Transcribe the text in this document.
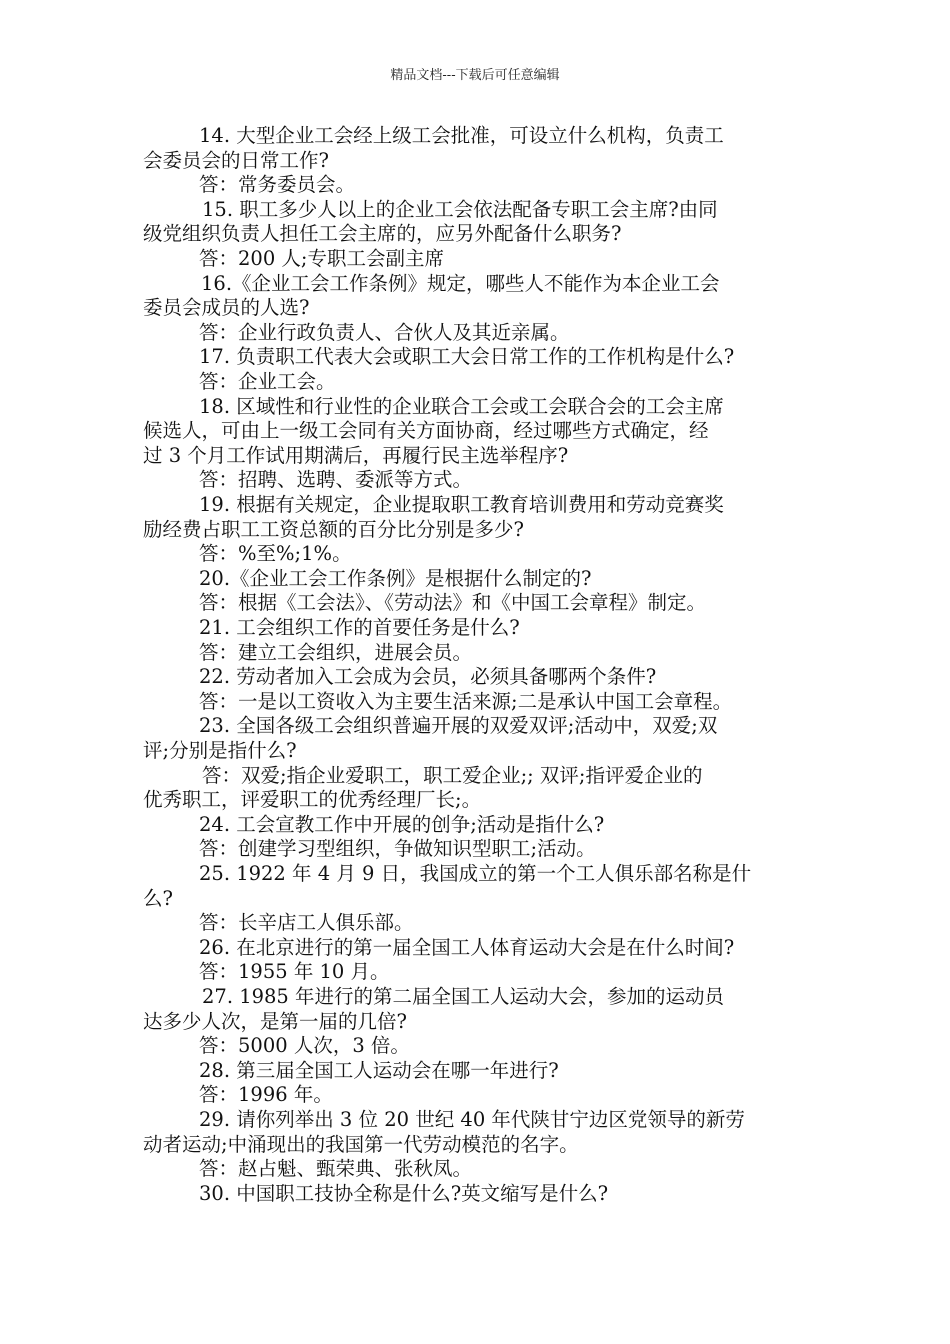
精品文档---下载后可任意编辑
14. 大型企业工会经上级工会批准，可设立什么机构，负责工
会委员会的日常工作?
答：常务委员会。
15. 职工多少人以上的企业工会依法配备专职工会主席?由同
级党组织负责人担任工会主席的，应另外配备什么职务?
答：200 人;专职工会副主席
16.《企业工会工作条例》规定，哪些人不能作为本企业工会
委员会成员的人选?
答：企业行政负责人、合伙人及其近亲属。
17. 负责职工代表大会或职工大会日常工作的工作机构是什么?
答：企业工会。
18. 区域性和行业性的企业联合工会或工会联合会的工会主席
候选人，可由上一级工会同有关方面协商，经过哪些方式确定，经
过 3 个月工作试用期满后，再履行民主选举程序?
答：招聘、选聘、委派等方式。
19. 根据有关规定，企业提取职工教育培训费用和劳动竞赛奖
励经费占职工工资总额的百分比分别是多少?
答：%至%;1%。
20.《企业工会工作条例》是根据什么制定的?
答：根据《工会法》、《劳动法》和《中国工会章程》制定。
21. 工会组织工作的首要任务是什么?
答：建立工会组织，进展会员。
22. 劳动者加入工会成为会员，必须具备哪两个条件?
答：一是以工资收入为主要生活来源;二是承认中国工会章程。
23. 全国各级工会组织普遍开展的双爱双评;活动中，双爱;双
评;分别是指什么?
答：双爱;指企业爱职工，职工爱企业;; 双评;指评爱企业的
优秀职工，评爱职工的优秀经理厂长;。
24. 工会宣教工作中开展的创争;活动是指什么?
答：创建学习型组织，争做知识型职工;活动。
25. 1922 年 4 月 9 日，我国成立的第一个工人俱乐部名称是什
么?
答：长辛店工人俱乐部。
26. 在北京进行的第一届全国工人体育运动大会是在什么时间?
答：1955 年 10 月。
27. 1985 年进行的第二届全国工人运动大会，参加的运动员
达多少人次，是第一届的几倍?
答：5000 人次，3 倍。
28. 第三届全国工人运动会在哪一年进行?
答：1996 年。
29. 请你列举出 3 位 20 世纪 40 年代陕甘宁边区党领导的新劳
动者运动;中涌现出的我国第一代劳动模范的名字。
答：赵占魁、甄荣典、张秋凤。
30. 中国职工技协全称是什么?英文缩写是什么?
